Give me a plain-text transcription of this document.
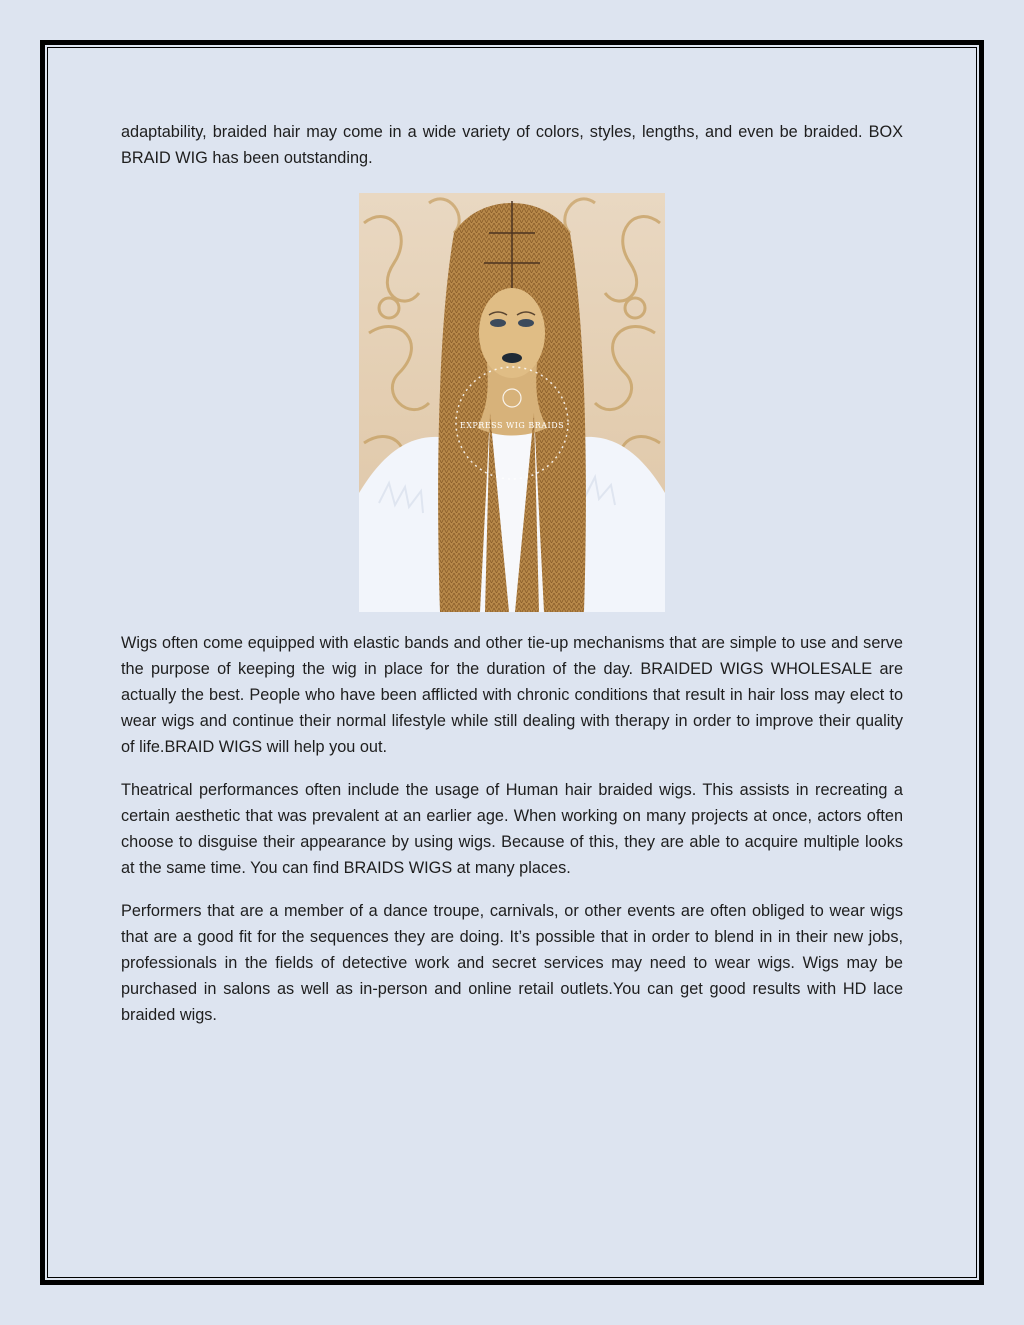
adaptability, braided hair may come in a wide variety of colors, styles, lengths, and even be braided. BOX BRAID WIG has been outstanding.

EXPRESS WIG BRAIDS

Wigs often come equipped with elastic bands and other tie-up mechanisms that are simple to use and serve the purpose of keeping the wig in place for the duration of the day. BRAIDED WIGS WHOLESALE are actually the best. People who have been afflicted with chronic conditions that result in hair loss may elect to wear wigs and continue their normal lifestyle while still dealing with therapy in order to improve their quality of life.BRAID WIGS will help you out.

Theatrical performances often include the usage of Human hair braided wigs. This assists in recreating a certain aesthetic that was prevalent at an earlier age. When working on many projects at once, actors often choose to disguise their appearance by using wigs. Because of this, they are able to acquire multiple looks at the same time. You can find BRAIDS WIGS at many places.

Performers that are a member of a dance troupe, carnivals, or other events are often obliged to wear wigs that are a good fit for the sequences they are doing. It’s possible that in order to blend in in their new jobs, professionals in the fields of detective work and secret services may need to wear wigs. Wigs may be purchased in salons as well as in-person and online retail outlets.You can get good results with HD lace braided wigs.
